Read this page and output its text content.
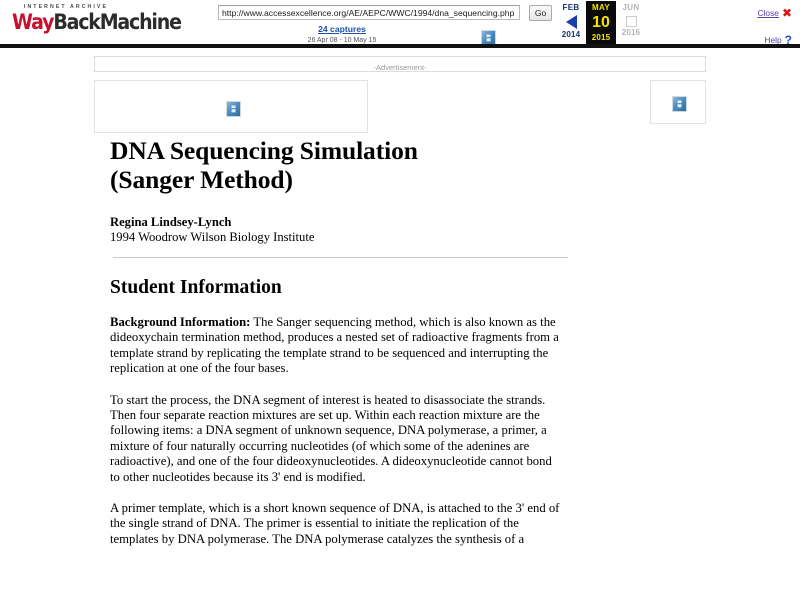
INTERNET ARCHIVE
WayBackMachine
http://www.accessexcellence.org/AE/AEPC/WWC/1994/dna_sequencing.php	Go
24 captures
26 Apr 08 - 10 May 15
FEB
2014
MAY
10
2015
JUN
2016
Close ✖
Help ?
-Advertisement-
DNA Sequencing Simulation
(Sanger Method)
Regina Lindsey-Lynch
1994 Woodrow Wilson Biology Institute
Student Information

Background Information: The Sanger sequencing method, which is also known as the dideoxychain termination method, produces a nested set of radioactive fragments from a template strand by replicating the template strand to be sequenced and interrupting the replication at one of the four bases.

To start the process, the DNA segment of interest is heated to disassociate the strands. Then four separate reaction mixtures are set up. Within each reaction mixture are the following items: a DNA segment of unknown sequence, DNA polymerase, a primer, a mixture of four naturally occurring nucleotides (of which some of the adenines are radioactive), and one of the four dideoxynucleotides. A dideoxynucleotide cannot bond to other nucleotides because its 3' end is modified.

A primer template, which is a short known sequence of DNA, is attached to the 3' end of the single strand of DNA. The primer is essential to initiate the replication of the templates by DNA polymerase. The DNA polymerase catalyzes the synthesis of a
